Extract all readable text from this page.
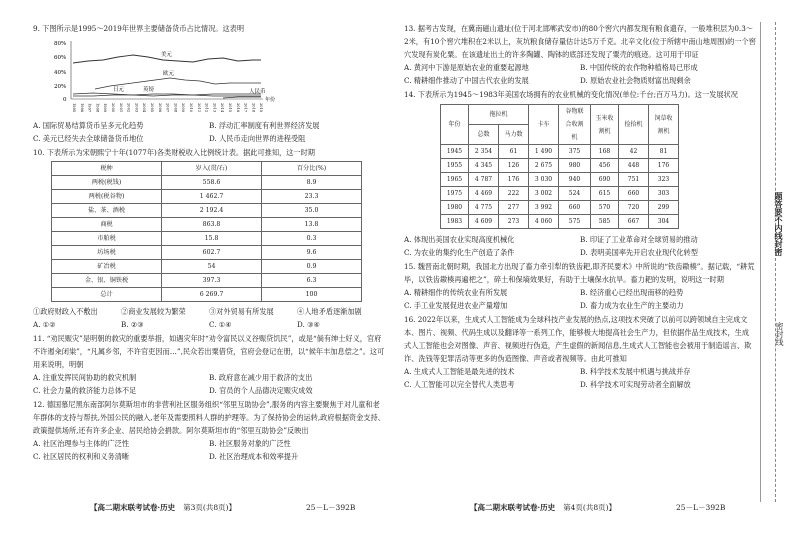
9. 下图所示是1995～2019年世界主要储备货币占比情况。这表明
80%
60%
40%
20%
0
美元
欧元
日元	英镑	人民币
年份
1995 1996 1997 1998 1999 2000 2001 2002 2003 2004 2005 2006 2007 2008 2009 2010 2011 2012 2013 2014 2015 2016 2017 2018 2019
A. 国际贸易结算货币呈多元化趋势	B. 浮动汇率制度有利世界经济发展
C. 美元已经失去全球储备货币地位	D. 人民币走向世界的进程受阻
10. 下表所示为宋朝熙宁十年(1077年)各类财税收入比例统计表。据此可推知，这一时期
税种	岁入(贯/石)	百分比(%)
两税(税钱)	558.6	8.9
两税(税谷物)	1 462.7	23.3
盐、茶、酒税	2 192.4	35.0
商税	863.8	13.8
市舶税	15.8	0.3
坊场税	602.7	9.6
矿冶税	54	0.9
金、银、铜铁税	397.3	6.3
总计	6 269.7	100
①政府财政入不敷出	②商业发展较为繁荣	③对外贸易有所发展	④人地矛盾逐渐加剧
A. ①②	B. ②③	C. ①④	D. ③④
11. “劝民赈灾”是明朝的救灾的重要举措，如遇灾年时“劝令富民以义谷赈贷饥民”，或是“倘有绅士好义，官府不许遏籴闭粜”，“凡属乡邻，不许官吏因而…”,民众若出粟借贷，官府会登记在册，以“候年丰加息偿之”。这可用来说明，明朝
A. 注重发挥民间协助的救灾机制	B. 政府意在减少用于救济的支出
C. 社会力量的救济能力总体不足	D. 官员的个人品德决定赈灾成效
12. 德国慕尼黑东南部阿尔莫斯坦市的非营利社区服务组织“邻里互助协会”,服务的内容主要聚焦于对儿童和老年群体的支持与帮扶,外国公民的融入,老年及需要照料人群的护理等。为了保持协会的运转,政府根据资金支持、政策提供场所,还有许多企业、居民给协会捐款。阿尔莫斯坦市的“邻里互助协会”反映出
A. 社区治理参与主体的广泛性	B. 社区服务对象的广泛性
C. 社区居民的权利和义务清晰	D. 社区治理成本和效率提升
【高二期末联考试卷·历史 第3页(共8页)】	25－L－392B
13. 据考古发现，在冀南磁山遗址(位于河北邯郸武安市)的80个窖穴内都发现有粮食遗存，一般堆积层为0.3～2米，有10个窖穴堆积在2米以上，灰坑粮食储存量估计达5万千克。北辛文化(位于所辖中南山地周围)的一个窖穴发现有炭化粟。在该遗址出土的许多陶罐、陶钵的底部还发现了粟壳的痕迹。这可用于印证
A. 黄河中下游是原始农业的重要起源地	B. 中国传统的农作物种植格局已形成
C. 精耕细作推动了中国古代农业的发展	D. 原始农业社会物质财富出现剩余
14. 下表所示为1945～1983年美国农场拥有的农业机械的变化情况(单位:千台;百万马力)。这一发展状况
年份	拖拉机		卡车	谷物联合收割机	玉米收割机	捡拾机	饲草收割机
	总数	马力数					
1945	2 354	61	1 490	375	168	42	81
1955	4 345	126	2 675	980	456	448	176
1965	4 787	176	3 030	940	690	751	323
1975	4 469	222	3 002	524	615	660	303
1980	4 775	277	3 992	660	570	720	299
1983	4 609	273	4 060	575	585	667	304
A. 体现出美国农业实现高度机械化	B. 印证了工业革命对全球贸易的推动
C. 为农业的集约化生产创造了条件	D. 表明美国率先开启农业现代化转型
15. 魏晋南北朝时期，我国北方出现了畜力牵引犁的铁齿耙,即齐民要术》中所说的“铁齿𨫼楱”。据记载，“耕荒毕，以铁齿𨫼楱再遍杷之”，碎土和保墒效果好，有助于土壤保水抗旱。畜力耙的发明，说明这一时期
A. 精耕细作的传统农业有所发展	B. 经济重心已经出现南移的趋势
C. 手工业发展促进农业产量增加	D. 畜力成为农业生产的主要动力
16. 2022年以来，生成式人工智能成为全球科技产业发展的热点,这项技术突破了以前可以跨领域自主完成文本、图片、视频、代码生成以及翻译等一系列工作，能够极大地提高社会生产力，但依据作品生成技术，生成式人工智能也会对图像、声音、视频进行伪造，产生虚假的新闻信息,生成式人工智能也会被用于制造谣言、欺诈、洗钱等犯罪活动等更多的伪造图像、声音或者视频等。由此可推知
A. 生成式人工智能是最先进的技术	B. 科学技术发展中机遇与挑战并存
C. 人工智能可以完全替代人类思考	D. 科学技术可实现劳动者全面解放
【高二期末联考试卷·历史 第4页(共8页)】	25－L－392B
题答要不内线封密
密封线
